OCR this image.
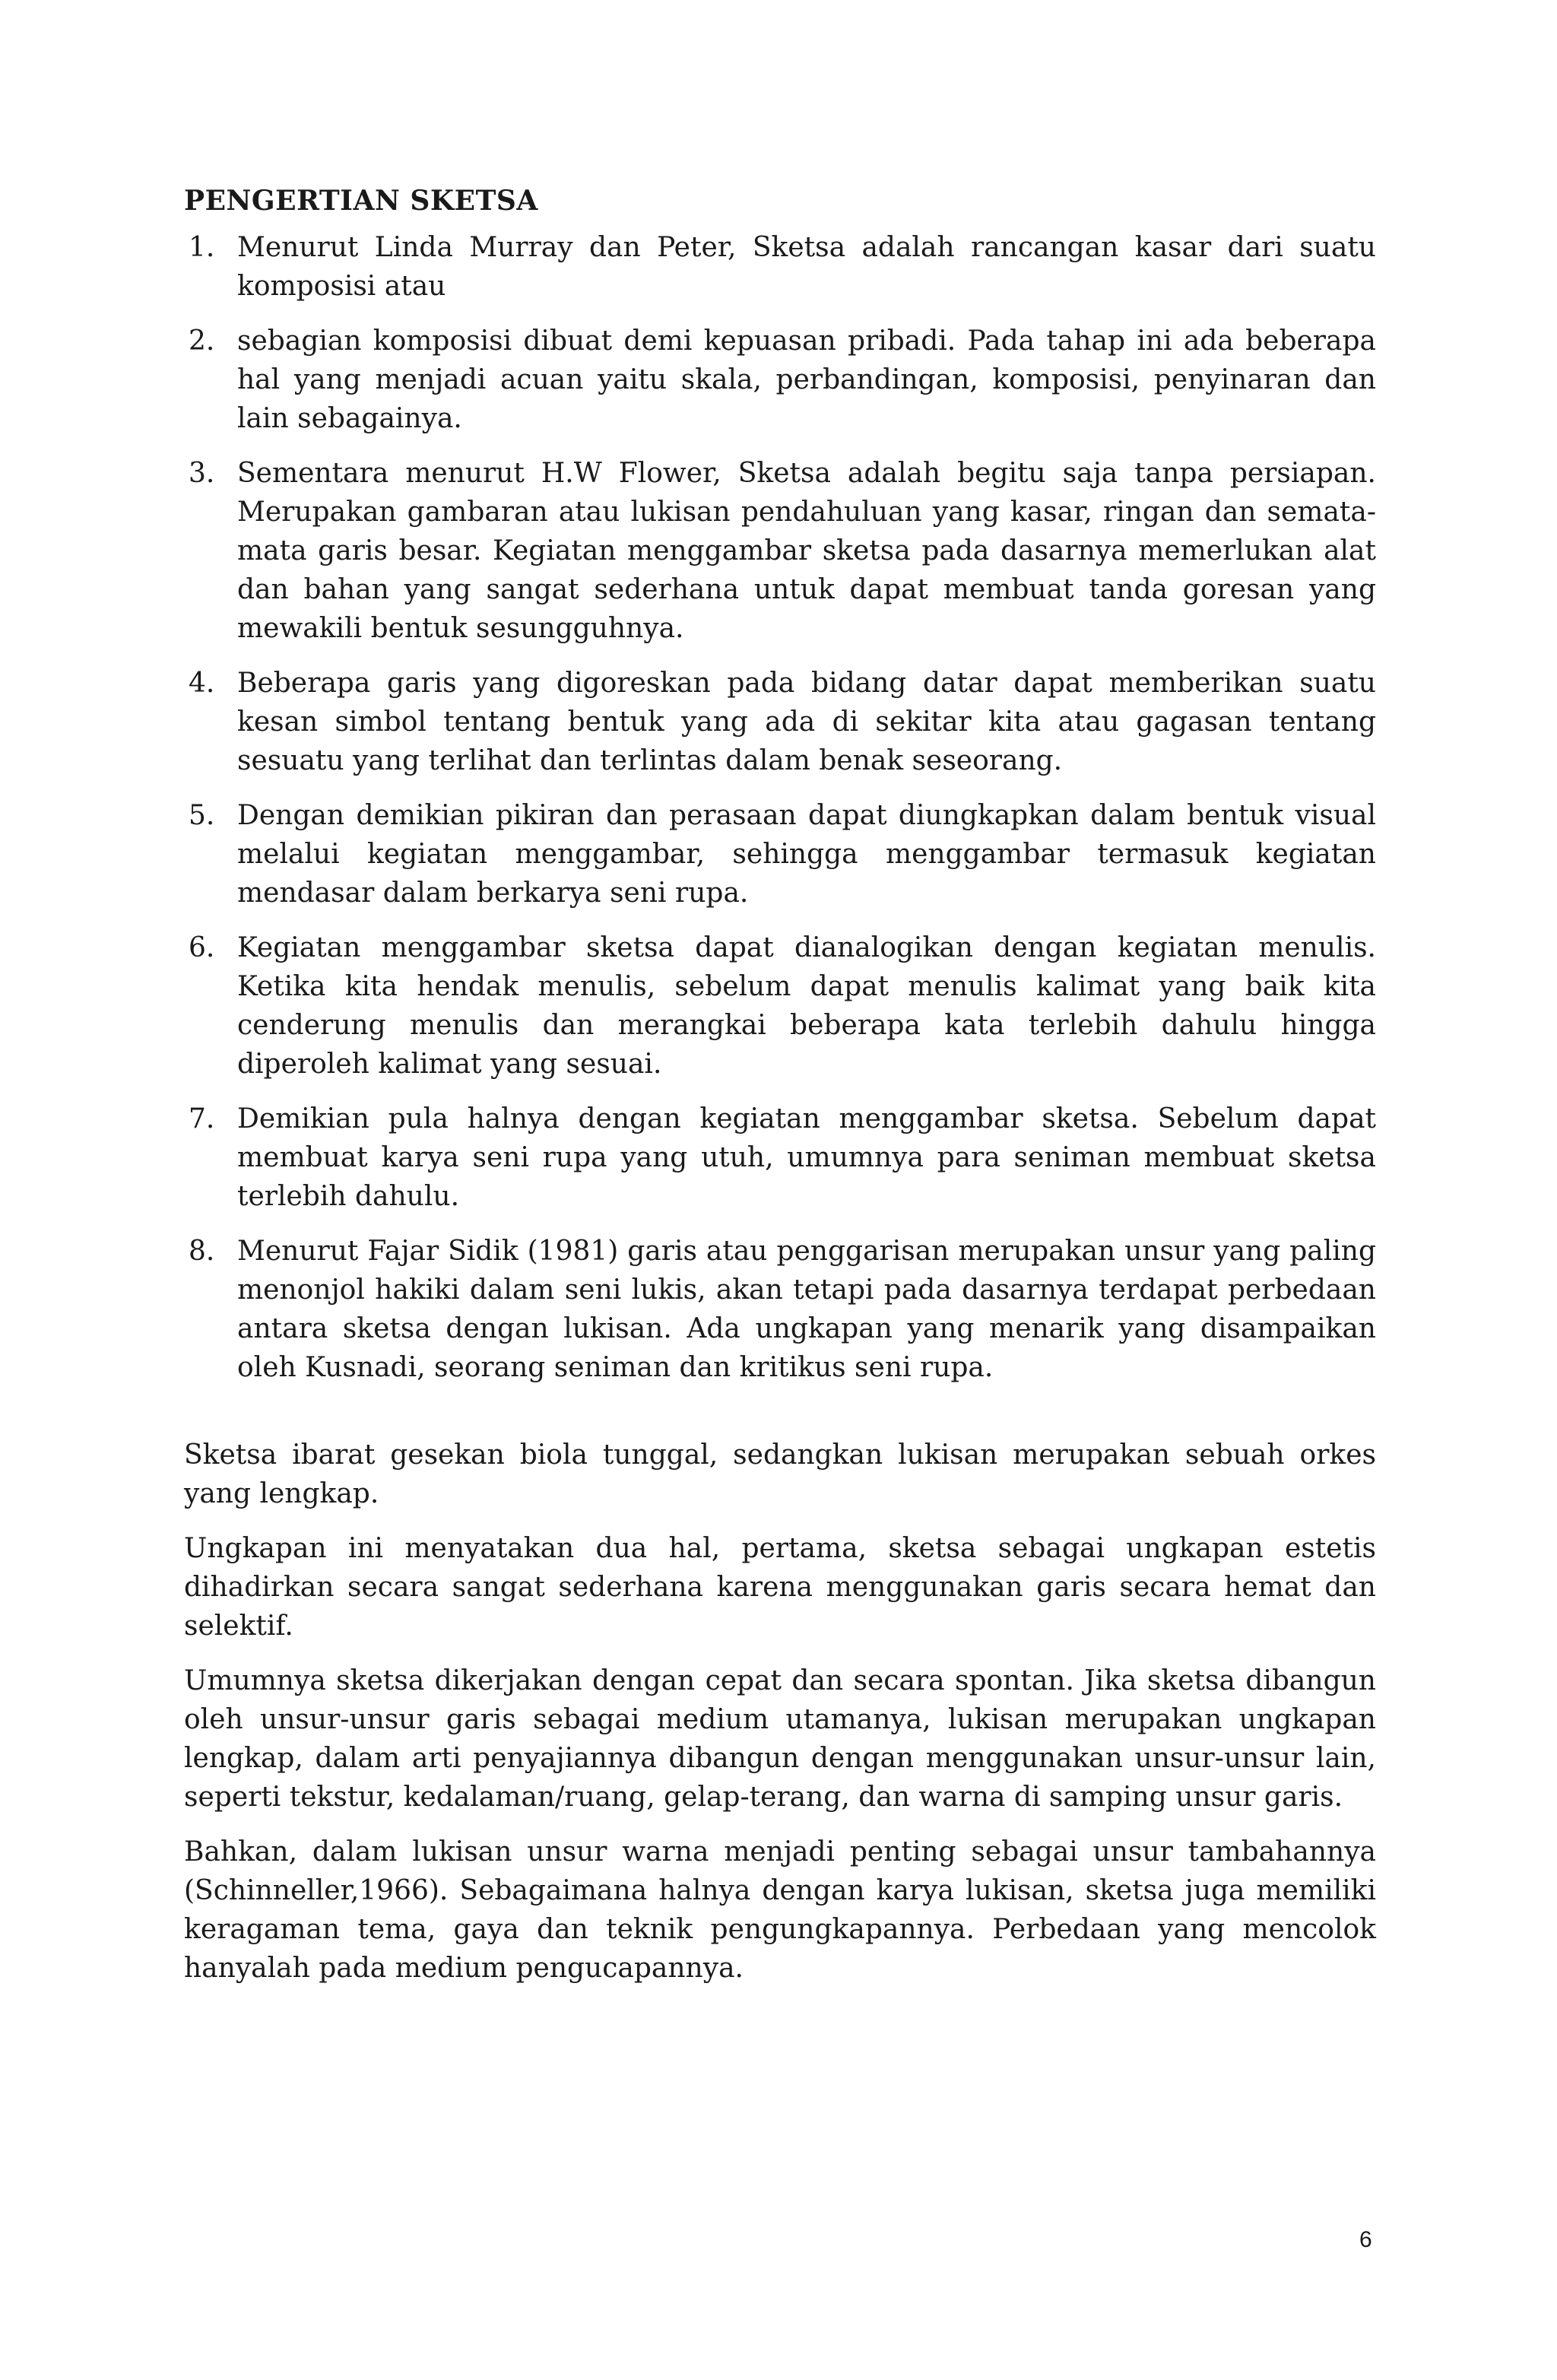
PENGERTIAN SKETSA
1. Menurut Linda Murray dan Peter, Sketsa adalah rancangan kasar dari suatu komposisi atau
2. sebagian komposisi dibuat demi kepuasan pribadi. Pada tahap ini ada beberapa hal yang menjadi acuan yaitu skala, perbandingan, komposisi, penyinaran dan lain sebagainya.
3. Sementara menurut H.W Flower, Sketsa adalah begitu saja tanpa persiapan. Merupakan gambaran atau lukisan pendahuluan yang kasar, ringan dan semata-mata garis besar. Kegiatan menggambar sketsa pada dasarnya memerlukan alat dan bahan yang sangat sederhana untuk dapat membuat tanda goresan yang mewakili bentuk sesungguhnya.
4. Beberapa garis yang digoreskan pada bidang datar dapat memberikan suatu kesan simbol tentang bentuk yang ada di sekitar kita atau gagasan tentang sesuatu yang terlihat dan terlintas dalam benak seseorang.
5. Dengan demikian pikiran dan perasaan dapat diungkapkan dalam bentuk visual melalui kegiatan menggambar, sehingga menggambar termasuk kegiatan mendasar dalam berkarya seni rupa.
6. Kegiatan menggambar sketsa dapat dianalogikan dengan kegiatan menulis. Ketika kita hendak menulis, sebelum dapat menulis kalimat yang baik kita cenderung menulis dan merangkai beberapa kata terlebih dahulu hingga diperoleh kalimat yang sesuai.
7. Demikian pula halnya dengan kegiatan menggambar sketsa. Sebelum dapat membuat karya seni rupa yang utuh, umumnya para seniman membuat sketsa terlebih dahulu.
8. Menurut Fajar Sidik (1981) garis atau penggarisan merupakan unsur yang paling menonjol hakiki dalam seni lukis, akan tetapi pada dasarnya terdapat perbedaan antara sketsa dengan lukisan. Ada ungkapan yang menarik yang disampaikan oleh Kusnadi, seorang seniman dan kritikus seni rupa.

Sketsa ibarat gesekan biola tunggal, sedangkan lukisan merupakan sebuah orkes yang lengkap.

Ungkapan ini menyatakan dua hal, pertama, sketsa sebagai ungkapan estetis dihadirkan secara sangat sederhana karena menggunakan garis secara hemat dan selektif.

Umumnya sketsa dikerjakan dengan cepat dan secara spontan. Jika sketsa dibangun oleh unsur-unsur garis sebagai medium utamanya, lukisan merupakan ungkapan lengkap, dalam arti penyajiannya dibangun dengan menggunakan unsur-unsur lain, seperti tekstur, kedalaman/ruang, gelap-terang, dan warna di samping unsur garis.

Bahkan, dalam lukisan unsur warna menjadi penting sebagai unsur tambahannya (Schinneller,1966). Sebagaimana halnya dengan karya lukisan, sketsa juga memiliki keragaman tema, gaya dan teknik pengungkapannya. Perbedaan yang mencolok hanyalah pada medium pengucapannya.

6
